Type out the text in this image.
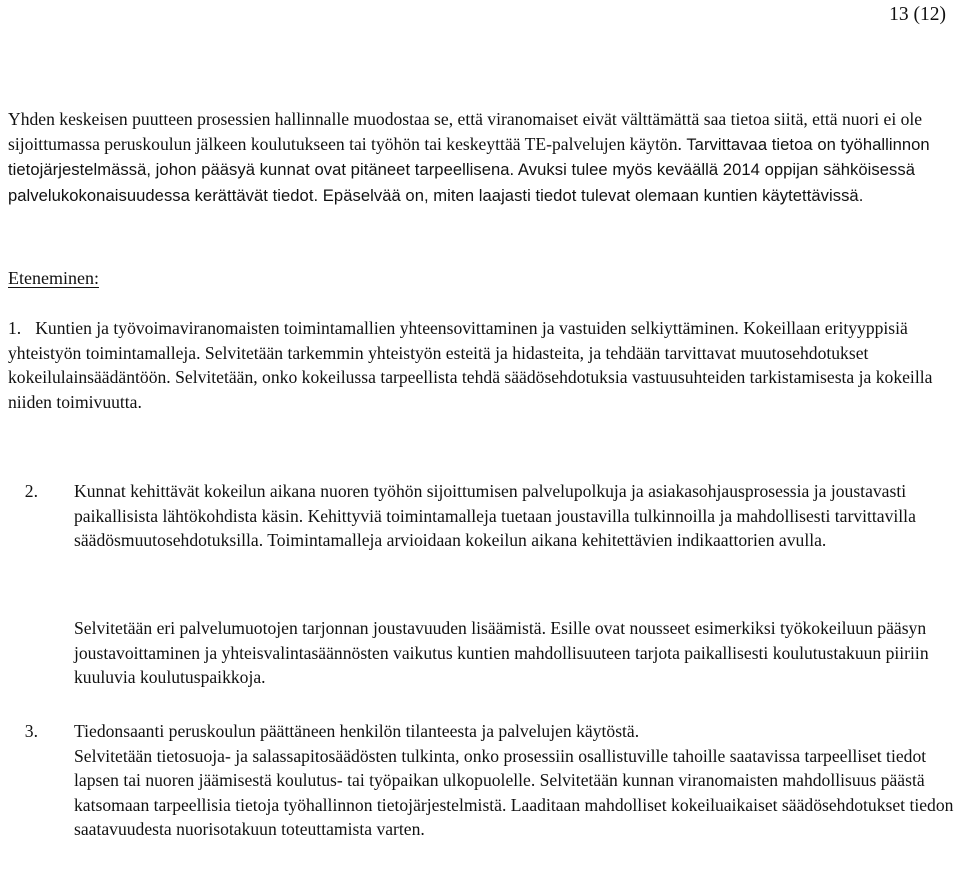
13 (12)

Yhden keskeisen puutteen prosessien hallinnalle muodostaa se, että viranomaiset eivät välttämättä saa tietoa siitä, että nuori ei ole sijoittumassa peruskoulun jälkeen koulutukseen tai työhön tai keskeyttää TE-palvelujen käytön. Tarvittavaa tietoa on työhallinnon tietojärjestelmässä, johon pääsyä kunnat ovat pitäneet tarpeellisena. Avuksi tulee myös keväällä 2014 oppijan sähköisessä palvelukokonaisuudessa kerättävät tiedot. Epäselvää on, miten laajasti tiedot tulevat olemaan kuntien käytettävissä.

Eteneminen:

1. Kuntien ja työvoimaviranomaisten toimintamallien yhteensovittaminen ja vastuiden selkiyttäminen. Kokeillaan erityyppisiä yhteistyön toimintamalleja. Selvitetään tarkemmin yhteistyön esteitä ja hidasteita, ja tehdään tarvittavat muutosehdotukset kokeilulainsäädäntöön. Selvitetään, onko kokeilussa tarpeellista tehdä säädösehdotuksia vastuusuhteiden tarkistamisesta ja kokeilla niiden toimivuutta.

2. Kunnat kehittävät kokeilun aikana nuoren työhön sijoittumisen palvelupolkuja ja asiakasohjausprosessia ja joustavasti paikallisista lähtökohdista käsin. Kehittyviä toimintamalleja tuetaan joustavilla tulkinnoilla ja mahdollisesti tarvittavilla säädösmuutosehdotuksilla. Toimintamalleja arvioidaan kokeilun aikana kehitettävien indikaattorien avulla.

Selvitetään eri palvelumuotojen tarjonnan joustavuuden lisäämistä. Esille ovat nousseet esimerkiksi työkokeiluun pääsyn joustavoittaminen ja yhteisvalintasäännösten vaikutus kuntien mahdollisuuteen tarjota paikallisesti koulutustakuun piiriin kuuluvia koulutuspaikkoja.

3. Tiedonsaanti peruskoulun päättäneen henkilön tilanteesta ja palvelujen käytöstä.
Selvitetään tietosuoja- ja salassapitosäädösten tulkinta, onko prosessiin osallistuville tahoille saatavissa tarpeelliset tiedot lapsen tai nuoren jäämisestä koulutus- tai työpaikan ulkopuolelle. Selvitetään kunnan viranomaisten mahdollisuus päästä katsomaan tarpeellisia tietoja työhallinnon tietojärjestelmistä. Laaditaan mahdolliset kokeiluaikaiset säädösehdotukset tiedon saatavuudesta nuorisotakuun toteuttamista varten.
